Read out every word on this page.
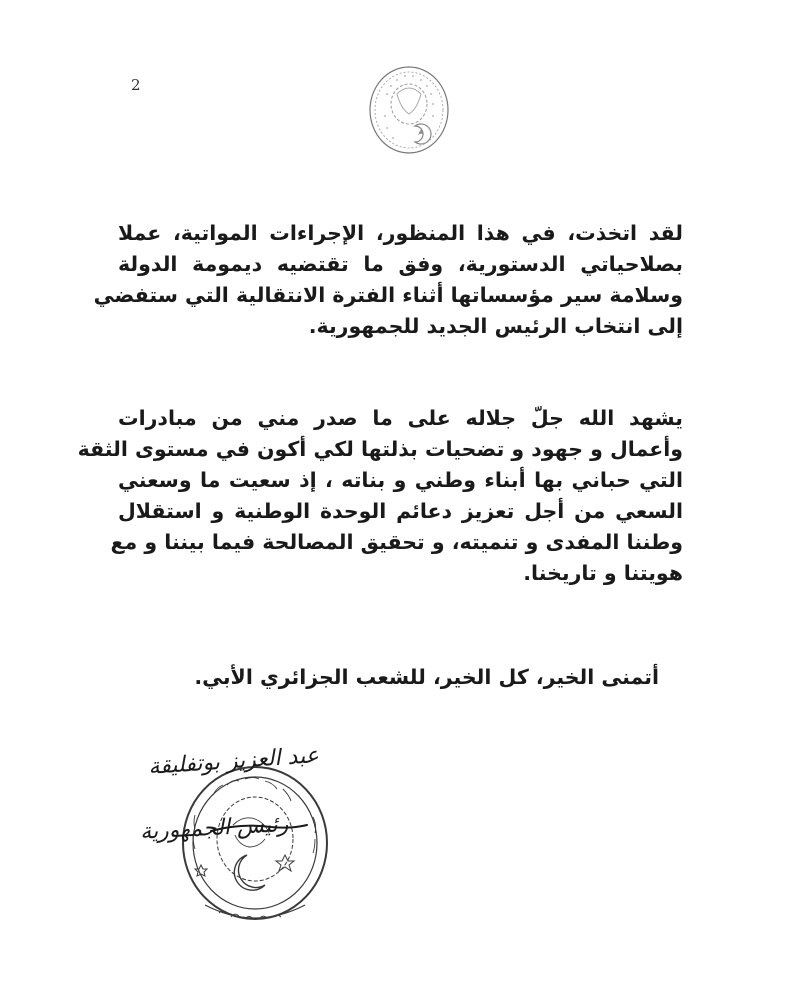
2
لقد اتخذت، في هذا المنظور، الإجراءات المواتية، عملا
بصلاحياتي الدستورية، وفق ما تقتضيه ديمومة الدولة
وسلامة سير مؤسساتها أثناء الفترة الانتقالية التي ستفضي
إلى انتخاب الرئيس الجديد للجمهورية.
يشهد الله جلّ جلاله على ما صدر مني من مبادرات
وأعمال و جهود و تضحيات بذلتها لكي أكون في مستوى الثقة
التي حباني بها أبناء وطني و بناته ، إذ سعيت ما وسعني
السعي من أجل تعزيز دعائم الوحدة الوطنية و استقلال
وطننا المفدى و تنميته، و تحقيق المصالحة فيما بيننا و مع
هويتنا و تاريخنا.
أتمنى الخير، كل الخير، للشعب الجزائري الأبي.
عبد العزيز بوتفليقة
رئيس الجمهورية
